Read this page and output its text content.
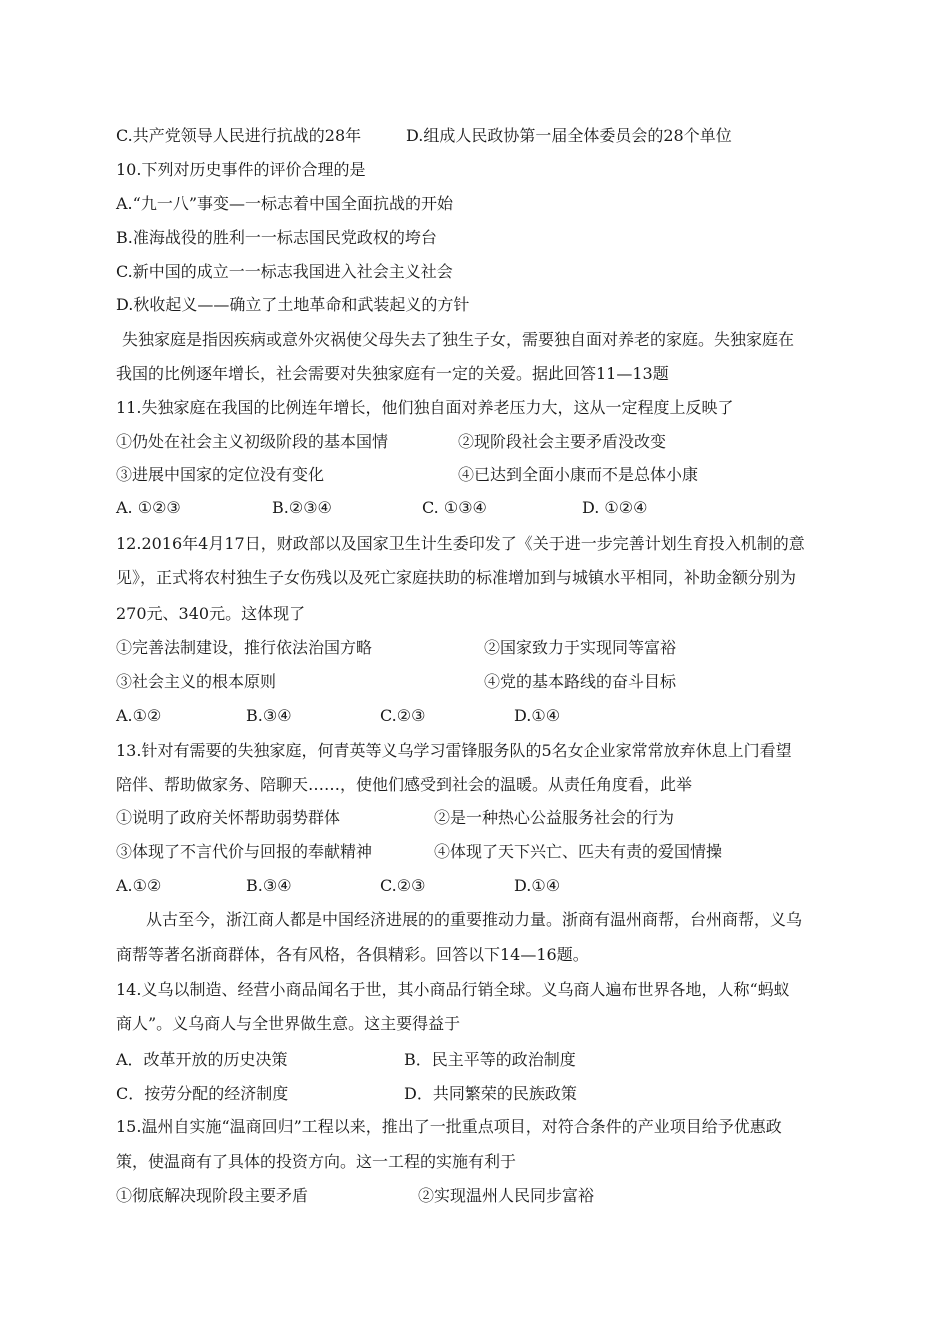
C.共产党领导人民进行抗战的28年	D.组成人民政协第一届全体委员会的28个单位
10.下列对历史事件的评价合理的是
A.“九一八”事变—一标志着中国全面抗战的开始
B.准海战役的胜利一一标志国民党政权的垮台
C.新中国的成立一一标志我国进入社会主义社会
D.秋收起义——确立了土地革命和武装起义的方针
失独家庭是指因疾病或意外灾祸使父母失去了独生子女，需要独自面对养老的家庭。失独家庭在
我国的比例逐年增长，社会需要对失独家庭有一定的关爱。据此回答11—13题
11.失独家庭在我国的比例连年增长，他们独自面对养老压力大，这从一定程度上反映了
①仍处在社会主义初级阶段的基本国情	②现阶段社会主要矛盾没改变
③进展中国家的定位没有变化	④已达到全面小康而不是总体小康
A. ①②③	B.②③④	C. ①③④	D. ①②④
12.2016年4月17日，财政部以及国家卫生计生委印发了《关于进一步完善计划生育投入机制的意
见》，正式将农村独生子女伤残以及死亡家庭扶助的标准增加到与城镇水平相同，补助金额分别为
270元、340元。这体现了
①完善法制建设，推行依法治国方略	②国家致力于实现同等富裕
③社会主义的根本原则	④党的基本路线的奋斗目标
A.①②	B.③④	C.②③	D.①④
13.针对有需要的失独家庭，何青英等义乌学习雷锋服务队的5名女企业家常常放弃休息上门看望
陪伴、帮助做家务、陪聊天……，使他们感受到社会的温暖。从责任角度看，此举
①说明了政府关怀帮助弱势群体	②是一种热心公益服务社会的行为
③体现了不言代价与回报的奉献精神	④体现了天下兴亡、匹夫有责的爱国情操
A.①②	B.③④	C.②③	D.①④
从古至今，浙江商人都是中国经济进展的的重要推动力量。浙商有温州商帮，台州商帮，义乌
商帮等著名浙商群体，各有风格，各俱精彩。回答以下14—16题。
14.义乌以制造、经营小商品闻名于世，其小商品行销全球。义乌商人遍布世界各地，人称“蚂蚁
商人”。义乌商人与全世界做生意。这主要得益于
A．改革开放的历史决策	B．民主平等的政治制度
C．按劳分配的经济制度	D．共同繁荣的民族政策
15.温州自实施“温商回归”工程以来，推出了一批重点项目，对符合条件的产业项目给予优惠政
策，使温商有了具体的投资方向。这一工程的实施有利于
①彻底解决现阶段主要矛盾	②实现温州人民同步富裕
